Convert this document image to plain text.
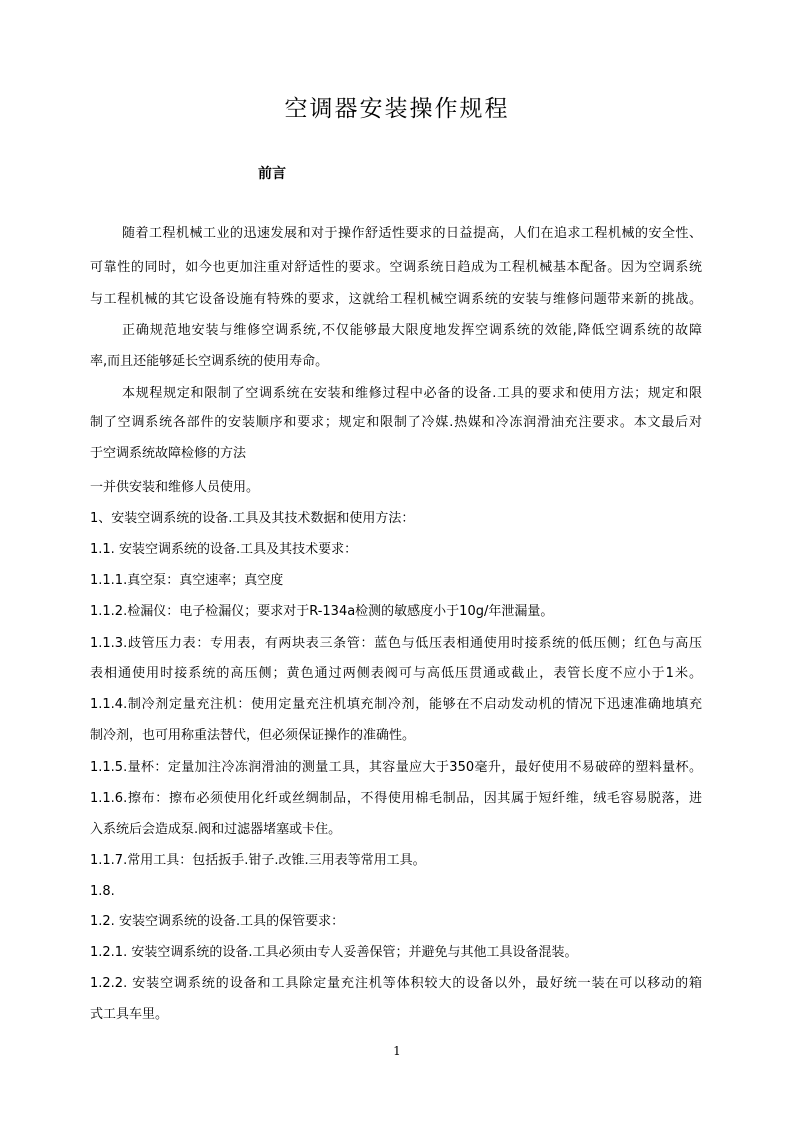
空调器安装操作规程
前言
随着工程机械工业的迅速发展和对于操作舒适性要求的日益提高，人们在追求工程机械的安全性、
可靠性的同时，如今也更加注重对舒适性的要求。空调系统日趋成为工程机械基本配备。因为空调系统
与工程机械的其它设备设施有特殊的要求，这就给工程机械空调系统的安装与维修问题带来新的挑战。
正确规范地安装与维修空调系统,不仅能够最大限度地发挥空调系统的效能,降低空调系统的故障
率,而且还能够延长空调系统的使用寿命。
本规程规定和限制了空调系统在安装和维修过程中必备的设备.工具的要求和使用方法；规定和限
制了空调系统各部件的安装顺序和要求；规定和限制了冷媒.热媒和冷冻润滑油充注要求。本文最后对
于空调系统故障检修的方法
一并供安装和维修人员使用。
1、安装空调系统的设备.工具及其技术数据和使用方法：
1.1. 安装空调系统的设备.工具及其技术要求：
1.1.1.真空泵：真空速率；真空度
1.1.2.检漏仪：电子检漏仪；要求对于R-134a检测的敏感度小于10g/年泄漏量。
1.1.3.歧管压力表：专用表，有两块表三条管：蓝色与低压表相通使用时接系统的低压侧；红色与高压
表相通使用时接系统的高压侧；黄色通过两侧表阀可与高低压贯通或截止，表管长度不应小于1米。
1.1.4.制冷剂定量充注机：使用定量充注机填充制冷剂，能够在不启动发动机的情况下迅速准确地填充
制冷剂，也可用称重法替代，但必须保证操作的准确性。
1.1.5.量杯：定量加注冷冻润滑油的测量工具，其容量应大于350毫升，最好使用不易破碎的塑料量杯。
1.1.6.擦布：擦布必须使用化纤或丝绸制品，不得使用棉毛制品，因其属于短纤维，绒毛容易脱落，进
入系统后会造成泵.阀和过滤器堵塞或卡住。
1.1.7.常用工具：包括扳手.钳子.改锥.三用表等常用工具。
1.8.
1.2. 安装空调系统的设备.工具的保管要求：
1.2.1. 安装空调系统的设备.工具必须由专人妥善保管；并避免与其他工具设备混装。
1.2.2. 安装空调系统的设备和工具除定量充注机等体积较大的设备以外，最好统一装在可以移动的箱
式工具车里。
1
